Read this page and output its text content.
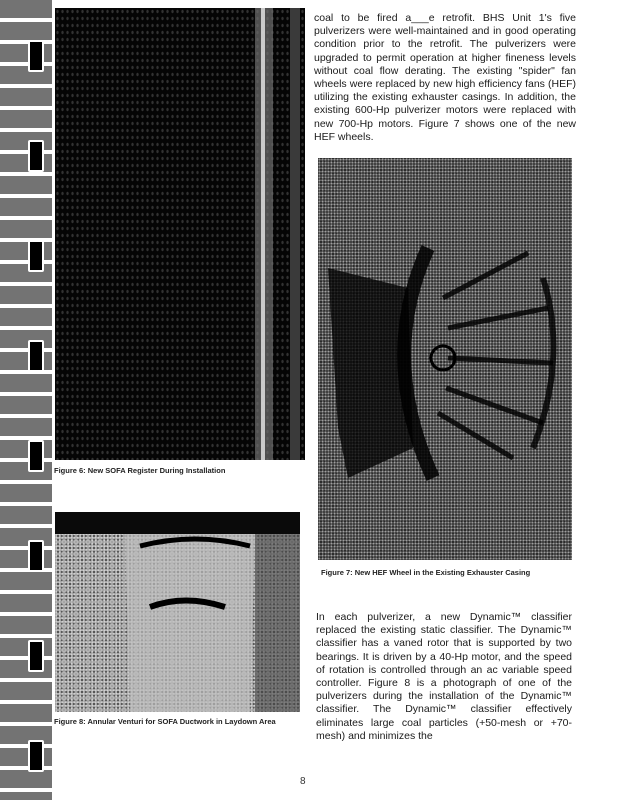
Figure 6: New SOFA Register During Installation
Figure 8: Annular Venturi for SOFA Ductwork in Laydown Area

coal to be fired a___e retrofit. BHS Unit 1's five pulverizers were well-maintained and in good operating condition prior to the retrofit. The pulverizers were upgraded to permit operation at higher fineness levels without coal flow derating. The existing "spider" fan wheels were replaced by new high efficiency fans (HEF) utilizing the existing exhauster casings. In addition, the existing 600-Hp pulverizer motors were replaced with new 700-Hp motors. Figure 7 shows one of the new HEF wheels.

Figure 7: New HEF Wheel in the Existing Exhauster Casing

In each pulverizer, a new Dynamic™ classifier replaced the existing static classifier. The Dynamic™ classifier has a vaned rotor that is supported by two bearings. It is driven by a 40-Hp motor, and the speed of rotation is controlled through an ac variable speed controller. Figure 8 is a photograph of one of the pulverizers during the installation of the Dynamic™ classifier. The Dynamic™ classifier effectively eliminates large coal particles (+50-mesh or +70-mesh) and minimizes the

8
